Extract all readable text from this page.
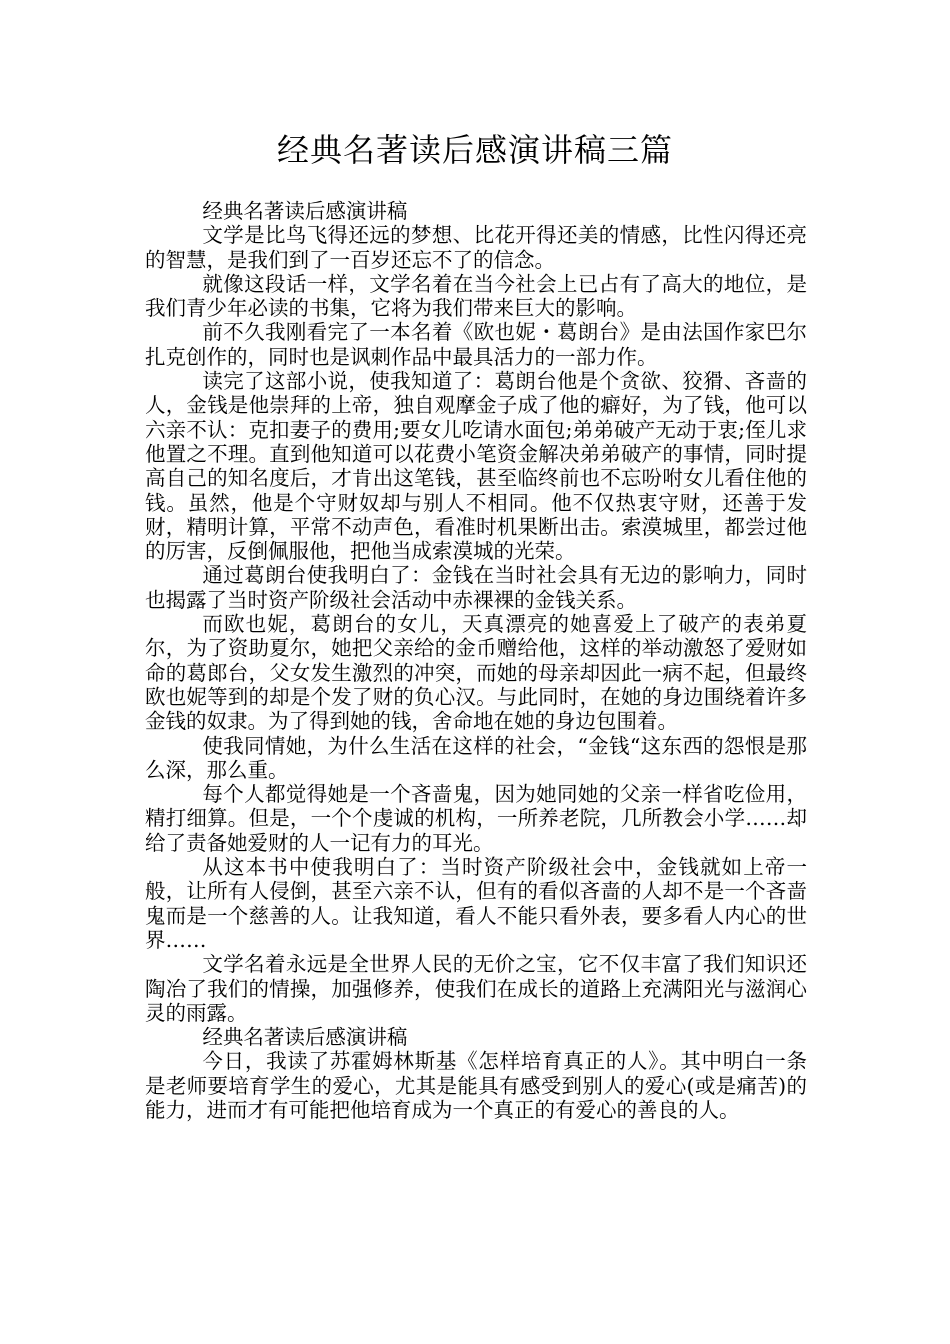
经典名著读后感演讲稿三篇

经典名著读后感演讲稿

文学是比鸟飞得还远的梦想、比花开得还美的情感，比性闪得还亮的智慧，是我们到了一百岁还忘不了的信念。

就像这段话一样，文学名着在当今社会上已占有了高大的地位，是我们青少年必读的书集，它将为我们带来巨大的影响。

前不久我刚看完了一本名着《欧也妮・葛朗台》是由法国作家巴尔扎克创作的，同时也是讽刺作品中最具活力的一部力作。

读完了这部小说，使我知道了：葛朗台他是个贪欲、狡猾、吝啬的人，金钱是他崇拜的上帝，独自观摩金子成了他的癖好，为了钱，他可以六亲不认：克扣妻子的费用;要女儿吃请水面包;弟弟破产无动于衷;侄儿求他置之不理。直到他知道可以花费小笔资金解决弟弟破产的事情，同时提高自己的知名度后，才肯出这笔钱，甚至临终前也不忘吩咐女儿看住他的钱。虽然，他是个守财奴却与别人不相同。他不仅热衷守财，还善于发财，精明计算，平常不动声色，看准时机果断出击。索漠城里，都尝过他的厉害，反倒佩服他，把他当成索漠城的光荣。

通过葛朗台使我明白了：金钱在当时社会具有无边的影响力，同时也揭露了当时资产阶级社会活动中赤裸裸的金钱关系。

而欧也妮，葛朗台的女儿，天真漂亮的她喜爱上了破产的表弟夏尔，为了资助夏尔，她把父亲给的金币赠给他，这样的举动激怒了爱财如命的葛郎台，父女发生激烈的冲突，而她的母亲却因此一病不起，但最终欧也妮等到的却是个发了财的负心汉。与此同时，在她的身边围绕着许多金钱的奴隶。为了得到她的钱，舍命地在她的身边包围着。

使我同情她，为什么生活在这样的社会，“金钱“这东西的怨恨是那么深，那么重。

每个人都觉得她是一个吝啬鬼，因为她同她的父亲一样省吃俭用，精打细算。但是，一个个虔诚的机构，一所养老院，几所教会小学……却给了责备她爱财的人一记有力的耳光。

从这本书中使我明白了：当时资产阶级社会中，金钱就如上帝一般，让所有人侵倒，甚至六亲不认，但有的看似吝啬的人却不是一个吝啬鬼而是一个慈善的人。让我知道，看人不能只看外表，要多看人内心的世界……

文学名着永远是全世界人民的无价之宝，它不仅丰富了我们知识还陶冶了我们的情操，加强修养，使我们在成长的道路上充满阳光与滋润心灵的雨露。

经典名著读后感演讲稿

今日，我读了苏霍姆林斯基《怎样培育真正的人》。其中明白一条是老师要培育学生的爱心，尤其是能具有感受到别人的爱心(或是痛苦)的能力，进而才有可能把他培育成为一个真正的有爱心的善良的人。
